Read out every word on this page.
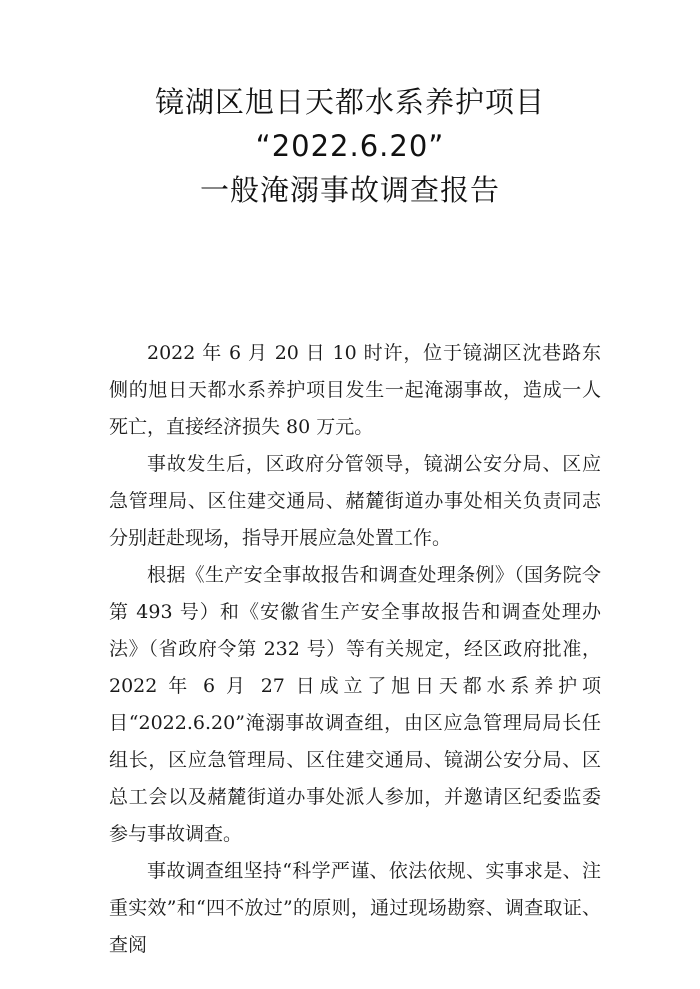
镜湖区旭日天都水系养护项目
“2022.6.20”
一般淹溺事故调查报告

2022 年 6 月 20 日 10 时许，位于镜湖区沈巷路东侧的旭日天都水系养护项目发生一起淹溺事故，造成一人死亡，直接经济损失 80 万元。

事故发生后，区政府分管领导，镜湖公安分局、区应急管理局、区住建交通局、赭麓街道办事处相关负责同志分别赶赴现场，指导开展应急处置工作。

根据《生产安全事故报告和调查处理条例》（国务院令第 493 号）和《安徽省生产安全事故报告和调查处理办法》（省政府令第 232 号）等有关规定，经区政府批准，2022 年 6 月 27 日成立了旭日天都水系养护项目“2022.6.20”淹溺事故调查组，由区应急管理局局长任组长，区应急管理局、区住建交通局、镜湖公安分局、区总工会以及赭麓街道办事处派人参加，并邀请区纪委监委参与事故调查。

事故调查组坚持“科学严谨、依法依规、实事求是、注重实效”和“四不放过”的原则，通过现场勘察、调查取证、查阅
